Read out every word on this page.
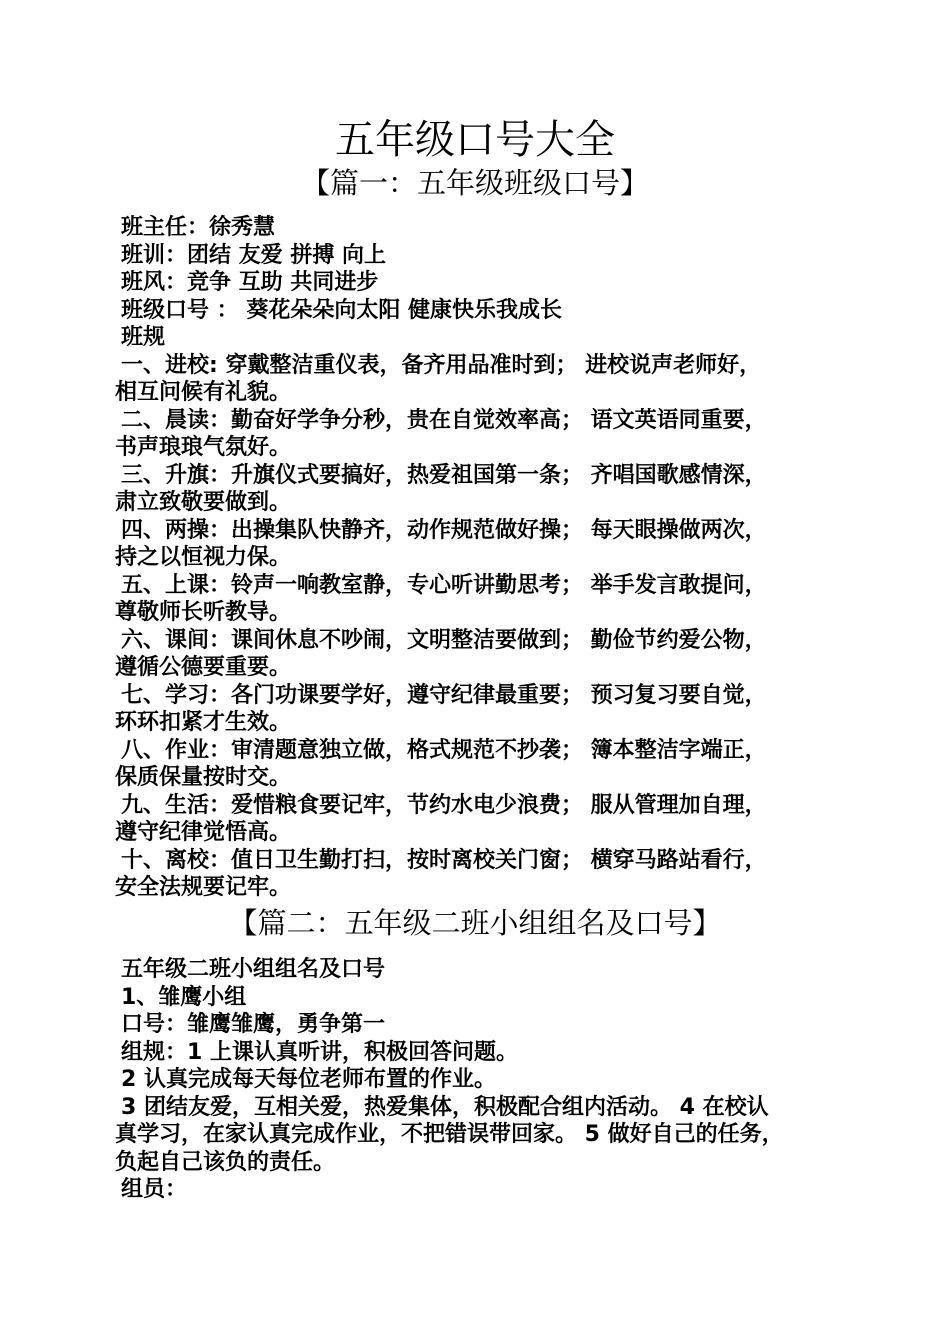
五年级口号大全
【篇一：五年级班级口号】

班主任：徐秀慧

班训：团结 友爱 拼搏 向上

班风：竞争 互助 共同进步

班级口号 ： 葵花朵朵向太阳 健康快乐我成长

班规

一、进校: 穿戴整洁重仪表，备齐用品准时到； 进校说声老师好，

相互问候有礼貌。

二、晨读：勤奋好学争分秒，贵在自觉效率高； 语文英语同重要，

书声琅琅气氛好。

三、升旗：升旗仪式要搞好，热爱祖国第一条； 齐唱国歌感情深，

肃立致敬要做到。

四、两操：出操集队快静齐，动作规范做好操； 每天眼操做两次，

持之以恒视力保。

五、上课：铃声一响教室静，专心听讲勤思考； 举手发言敢提问，

尊敬师长听教导。

六、课间：课间休息不吵闹，文明整洁要做到； 勤俭节约爱公物，

遵循公德要重要。

七、学习：各门功课要学好，遵守纪律最重要； 预习复习要自觉，

环环扣紧才生效。

八、作业：审清题意独立做，格式规范不抄袭； 簿本整洁字端正，

保质保量按时交。

九、生活：爱惜粮食要记牢，节约水电少浪费； 服从管理加自理，

遵守纪律觉悟高。

十、离校：值日卫生勤打扫，按时离校关门窗； 横穿马路站看行，

安全法规要记牢。

【篇二：五年级二班小组组名及口号】

五年级二班小组组名及口号

1、雏鹰小组

口号：雏鹰雏鹰，勇争第一

组规：1 上课认真听讲，积极回答问题。

2 认真完成每天每位老师布置的作业。

3 团结友爱，互相关爱，热爱集体，积极配合组内活动。 4 在校认

真学习，在家认真完成作业，不把错误带回家。 5 做好自己的任务，

负起自己该负的责任。

组员：
